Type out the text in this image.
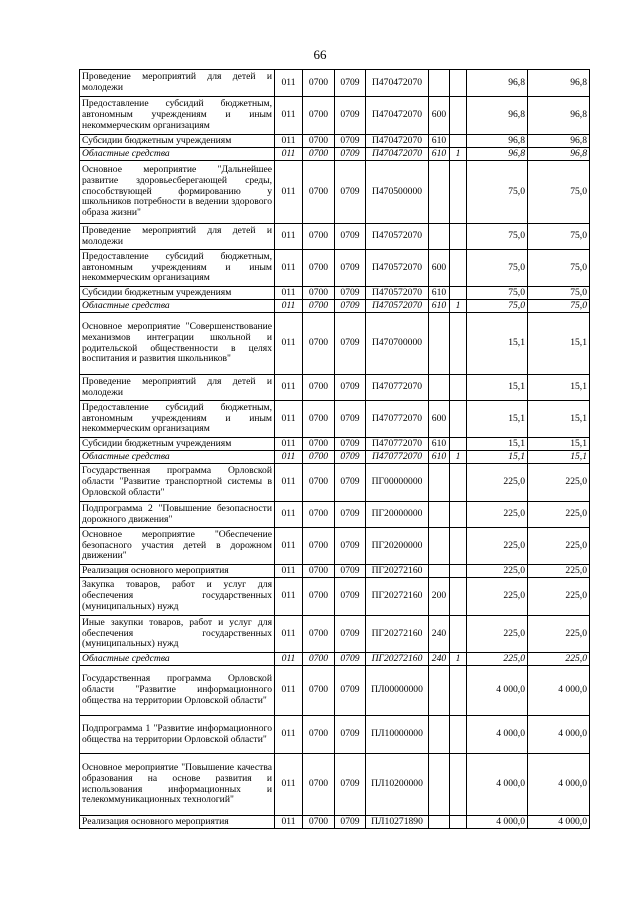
66
Проведение мероприятий для детей и молодежи	011	0700	0709	П470472070			96,8	96,8
Предоставление субсидий бюджетным, автономным учреждениям и иным некоммерческим организациям	011	0700	0709	П470472070	600		96,8	96,8
Субсидии бюджетным учреждениям	011	0700	0709	П470472070	610		96,8	96,8
Областные средства	011	0700	0709	П470472070	610	1	96,8	96,8
Основное мероприятие "Дальнейшее развитие здоровьесберегающей среды, способствующей формированию у школьников потребности в ведении здорового образа жизни"	011	0700	0709	П470500000			75,0	75,0
Проведение мероприятий для детей и молодежи	011	0700	0709	П470572070			75,0	75,0
Предоставление субсидий бюджетным, автономным учреждениям и иным некоммерческим организациям	011	0700	0709	П470572070	600		75,0	75,0
Субсидии бюджетным учреждениям	011	0700	0709	П470572070	610		75,0	75,0
Областные средства	011	0700	0709	П470572070	610	1	75,0	75,0
Основное мероприятие "Совершенствование механизмов интеграции школьной и родительской общественности в целях воспитания и развития школьников"	011	0700	0709	П470700000			15,1	15,1
Проведение мероприятий для детей и молодежи	011	0700	0709	П470772070			15,1	15,1
Предоставление субсидий бюджетным, автономным учреждениям и иным некоммерческим организациям	011	0700	0709	П470772070	600		15,1	15,1
Субсидии бюджетным учреждениям	011	0700	0709	П470772070	610		15,1	15,1
Областные средства	011	0700	0709	П470772070	610	1	15,1	15,1
Государственная программа Орловской области "Развитие транспортной системы в Орловской области"	011	0700	0709	ПГ00000000			225,0	225,0
Подпрограмма 2 "Повышение безопасности дорожного движения"	011	0700	0709	ПГ20000000			225,0	225,0
Основное мероприятие "Обеспечение безопасного участия детей в дорожном движении"	011	0700	0709	ПГ20200000			225,0	225,0
Реализация основного мероприятия	011	0700	0709	ПГ20272160			225,0	225,0
Закупка товаров, работ и услуг для обеспечения государственных (муниципальных) нужд	011	0700	0709	ПГ20272160	200		225,0	225,0
Иные закупки товаров, работ и услуг для обеспечения государственных (муниципальных) нужд	011	0700	0709	ПГ20272160	240		225,0	225,0
Областные средства	011	0700	0709	ПГ20272160	240	1	225,0	225,0
Государственная программа Орловской области "Развитие информационного общества на территории Орловской области"	011	0700	0709	ПЛ00000000			4 000,0	4 000,0
Подпрограмма 1 "Развитие информационного общества на территории Орловской области"	011	0700	0709	ПЛ10000000			4 000,0	4 000,0
Основное мероприятие "Повышение качества образования на основе развития и использования информационных и телекоммуникационных технологий"	011	0700	0709	ПЛ10200000			4 000,0	4 000,0
Реализация основного мероприятия	011	0700	0709	ПЛ10271890			4 000,0	4 000,0
